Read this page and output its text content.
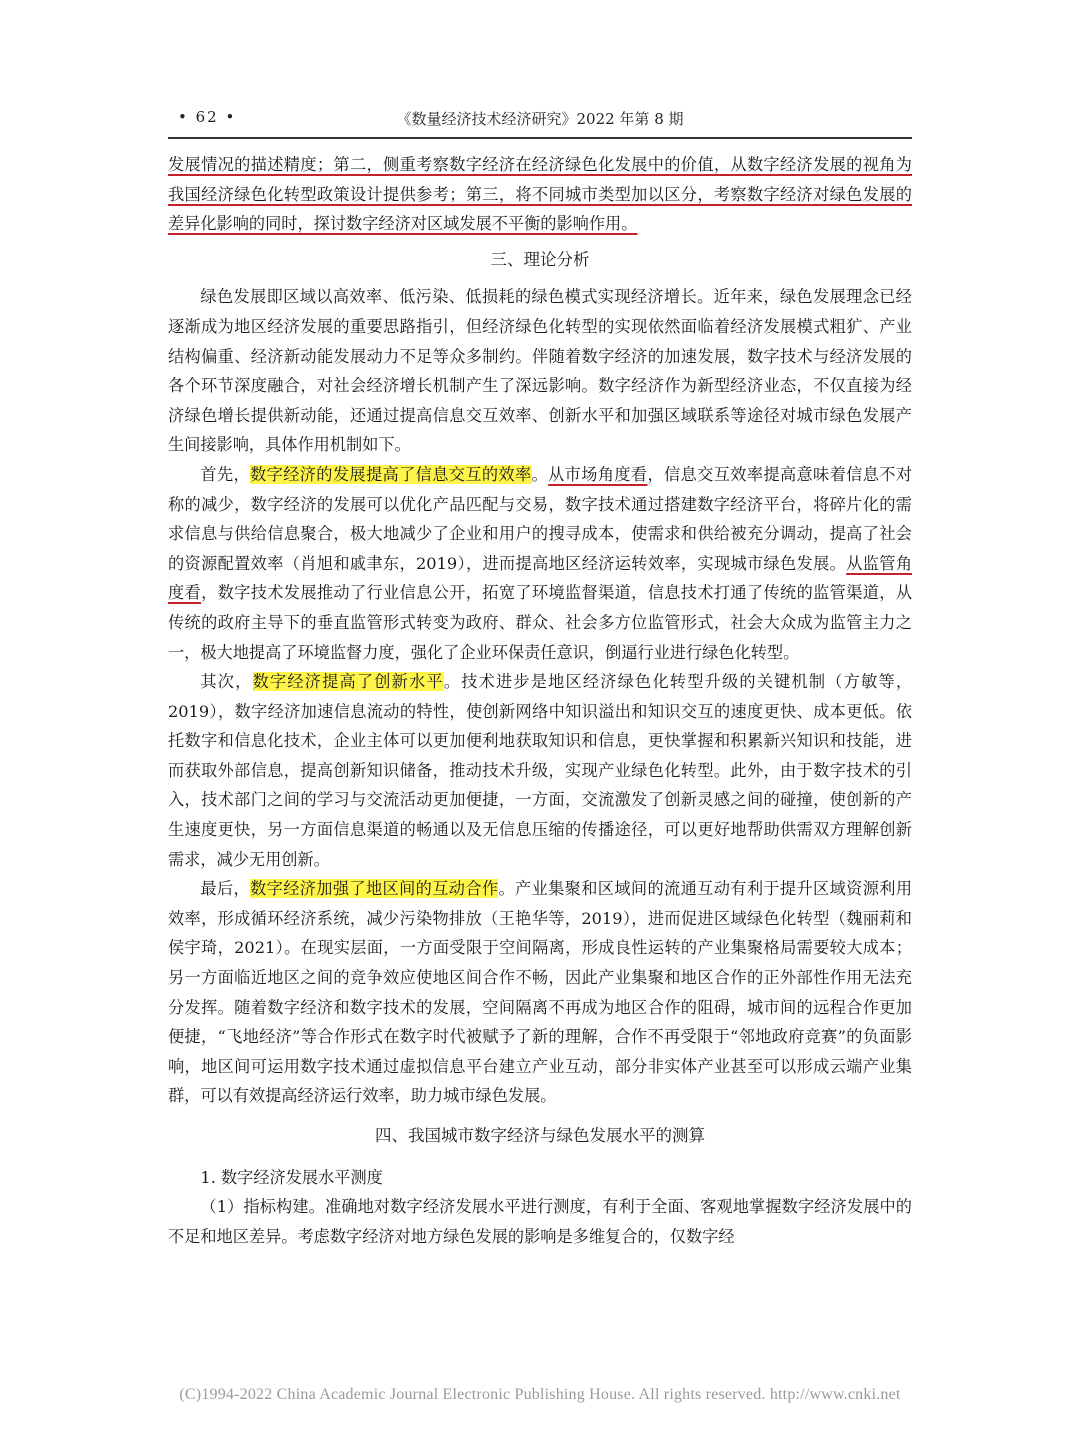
• 62 •	《数量经济技术经济研究》2022 年第 8 期

发展情况的描述精度；第二，侧重考察数字经济在经济绿色化发展中的价值，从数字经济发展的视角为我国经济绿色化转型政策设计提供参考；第三，将不同城市类型加以区分，考察数字经济对绿色发展的差异化影响的同时，探讨数字经济对区域发展不平衡的影响作用。

三、理论分析

绿色发展即区域以高效率、低污染、低损耗的绿色模式实现经济增长。近年来，绿色发展理念已经逐渐成为地区经济发展的重要思路指引，但经济绿色化转型的实现依然面临着经济发展模式粗犷、产业结构偏重、经济新动能发展动力不足等众多制约。伴随着数字经济的加速发展，数字技术与经济发展的各个环节深度融合，对社会经济增长机制产生了深远影响。数字经济作为新型经济业态，不仅直接为经济绿色增长提供新动能，还通过提高信息交互效率、创新水平和加强区域联系等途径对城市绿色发展产生间接影响，具体作用机制如下。

首先，数字经济的发展提高了信息交互的效率。从市场角度看，信息交互效率提高意味着信息不对称的减少，数字经济的发展可以优化产品匹配与交易，数字技术通过搭建数字经济平台，将碎片化的需求信息与供给信息聚合，极大地减少了企业和用户的搜寻成本，使需求和供给被充分调动，提高了社会的资源配置效率（肖旭和戚聿东，2019），进而提高地区经济运转效率，实现城市绿色发展。从监管角度看，数字技术发展推动了行业信息公开，拓宽了环境监督渠道，信息技术打通了传统的监管渠道，从传统的政府主导下的垂直监管形式转变为政府、群众、社会多方位监管形式，社会大众成为监管主力之一，极大地提高了环境监督力度，强化了企业环保责任意识，倒逼行业进行绿色化转型。

其次，数字经济提高了创新水平。技术进步是地区经济绿色化转型升级的关键机制（方敏等，2019），数字经济加速信息流动的特性，使创新网络中知识溢出和知识交互的速度更快、成本更低。依托数字和信息化技术，企业主体可以更加便利地获取知识和信息，更快掌握和积累新兴知识和技能，进而获取外部信息，提高创新知识储备，推动技术升级，实现产业绿色化转型。此外，由于数字技术的引入，技术部门之间的学习与交流活动更加便捷，一方面，交流激发了创新灵感之间的碰撞，使创新的产生速度更快，另一方面信息渠道的畅通以及无信息压缩的传播途径，可以更好地帮助供需双方理解创新需求，减少无用创新。

最后，数字经济加强了地区间的互动合作。产业集聚和区域间的流通互动有利于提升区域资源利用效率，形成循环经济系统，减少污染物排放（王艳华等，2019），进而促进区域绿色化转型（魏丽莉和侯宇琦，2021）。在现实层面，一方面受限于空间隔离，形成良性运转的产业集聚格局需要较大成本；另一方面临近地区之间的竞争效应使地区间合作不畅，因此产业集聚和地区合作的正外部性作用无法充分发挥。随着数字经济和数字技术的发展，空间隔离不再成为地区合作的阻碍，城市间的远程合作更加便捷，“飞地经济”等合作形式在数字时代被赋予了新的理解，合作不再受限于“邻地政府竞赛”的负面影响，地区间可运用数字技术通过虚拟信息平台建立产业互动，部分非实体产业甚至可以形成云端产业集群，可以有效提高经济运行效率，助力城市绿色发展。

四、我国城市数字经济与绿色发展水平的测算

1. 数字经济发展水平测度

（1）指标构建。准确地对数字经济发展水平进行测度，有利于全面、客观地掌握数字经济发展中的不足和地区差异。考虑数字经济对地方绿色发展的影响是多维复合的，仅数字经

(C)1994-2022 China Academic Journal Electronic Publishing House. All rights reserved. http://www.cnki.net
